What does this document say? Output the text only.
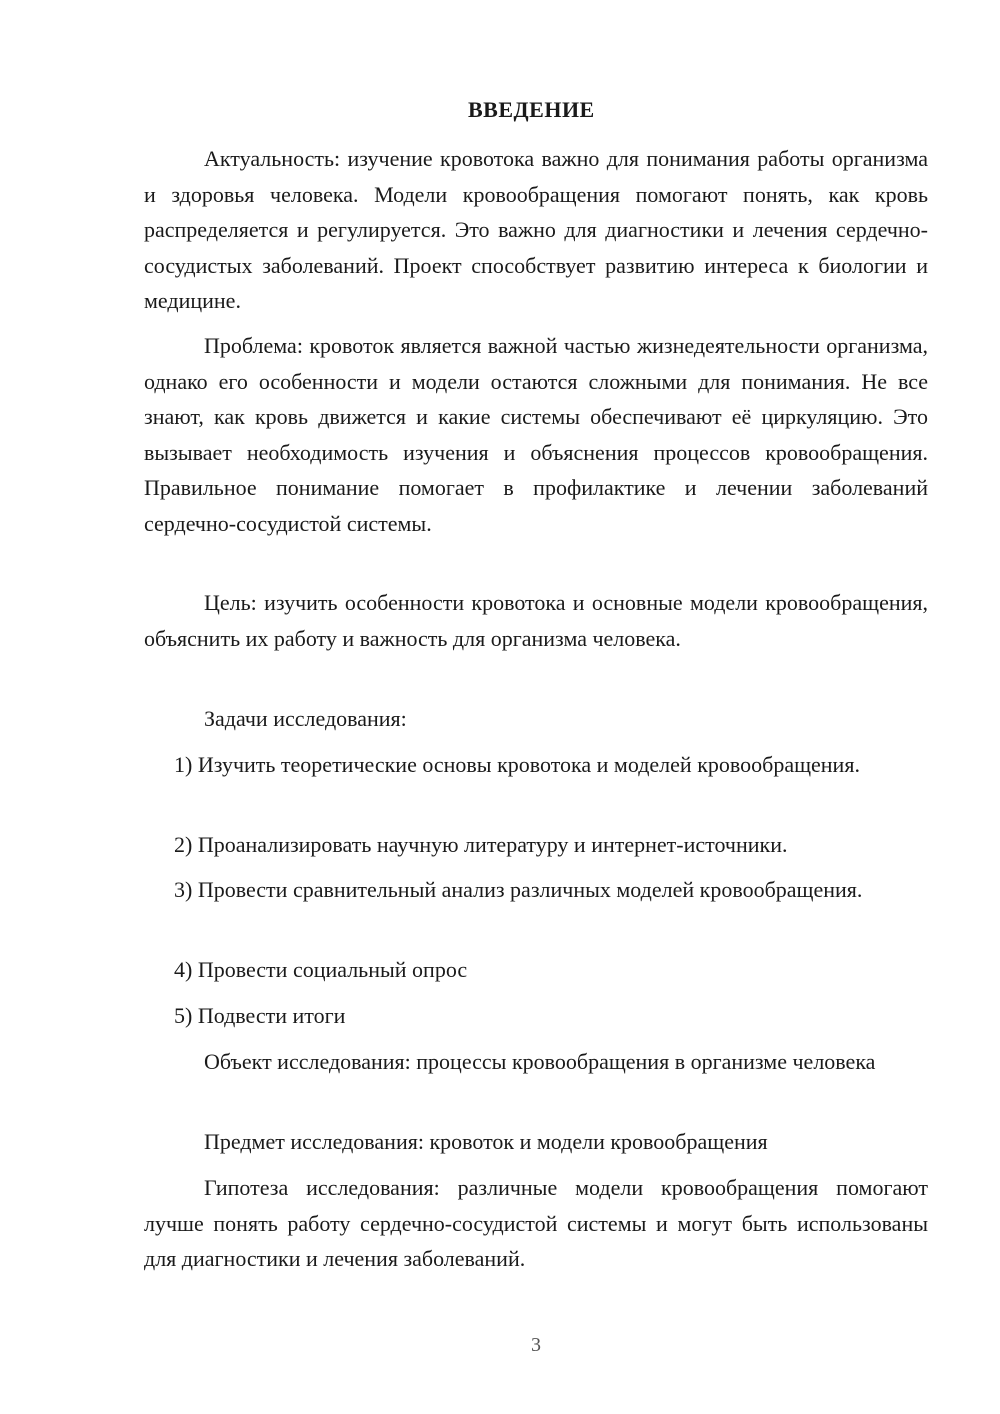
ВВЕДЕНИЕ

Актуальность: изучение кровотока важно для понимания работы организма и здоровья человека. Модели кровообращения помогают понять, как кровь распределяется и регулируется. Это важно для диагностики и лечения сердечно-сосудистых заболеваний. Проект способствует развитию интереса к биологии и медицине.

Проблема: кровоток является важной частью жизнедеятельности организма, однако его особенности и модели остаются сложными для понимания. Не все знают, как кровь движется и какие системы обеспечивают её циркуляцию. Это вызывает необходимость изучения и объяснения процессов кровообращения. Правильное понимание помогает в профилактике и лечении заболеваний сердечно-сосудистой системы.

Цель: изучить особенности кровотока и основные модели кровообращения, объяснить их работу и важность для организма человека.

Задачи исследования:

1) Изучить теоретические основы кровотока и моделей кровообращения.

2) Проанализировать научную литературу и интернет-источники.

3) Провести сравнительный анализ различных моделей кровообращения.

4) Провести социальный опрос

5) Подвести итоги

Объект исследования: процессы кровообращения в организме человека

Предмет исследования: кровоток и модели кровообращения

Гипотеза исследования: различные модели кровообращения помогают лучше понять работу сердечно-сосудистой системы и могут быть использованы для диагностики и лечения заболеваний.

3
